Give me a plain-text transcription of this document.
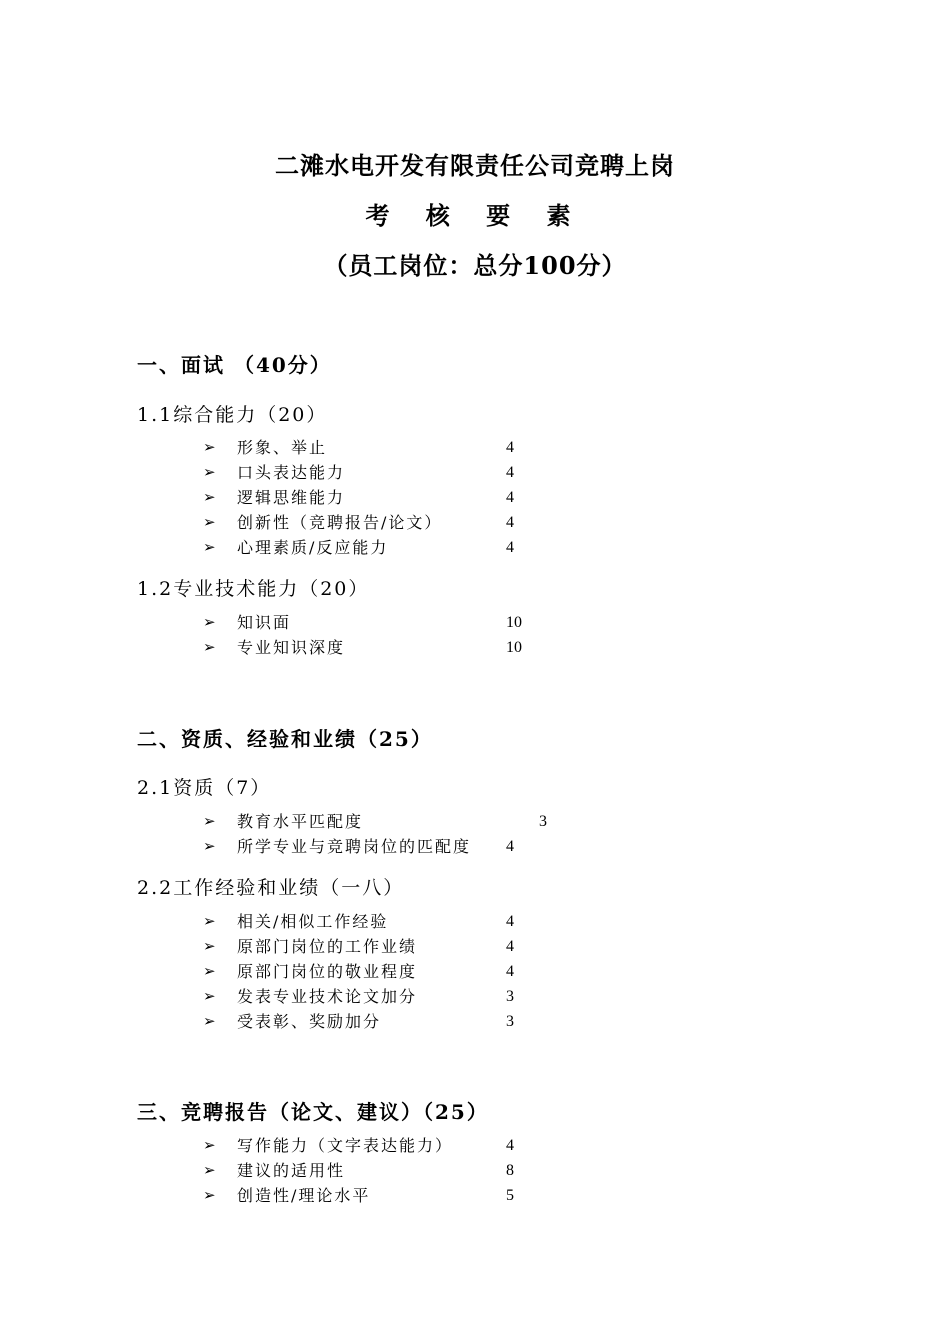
二滩水电开发有限责任公司竞聘上岗
考 核 要 素
（员工岗位：总分100分）
一、面试 （40分）
1.1综合能力（20）
➢	形象、举止	4
➢	口头表达能力	4
➢	逻辑思维能力	4
➢	创新性（竞聘报告/论文）	4
➢	心理素质/反应能力	4
1.2专业技术能力（20）
➢	知识面	10
➢	专业知识深度	10
二、资质、经验和业绩（25）
2.1资质（7）
➢	教育水平匹配度	3
➢	所学专业与竞聘岗位的匹配度 4
2.2工作经验和业绩（一八）
➢	相关/相似工作经验	4
➢	原部门岗位的工作业绩	4
➢	原部门岗位的敬业程度	4
➢	发表专业技术论文加分	3
➢	受表彰、奖励加分	3
三、竞聘报告（论文、建议）（25）
➢	写作能力（文字表达能力）	4
➢	建议的适用性	8
➢	创造性/理论水平	5
